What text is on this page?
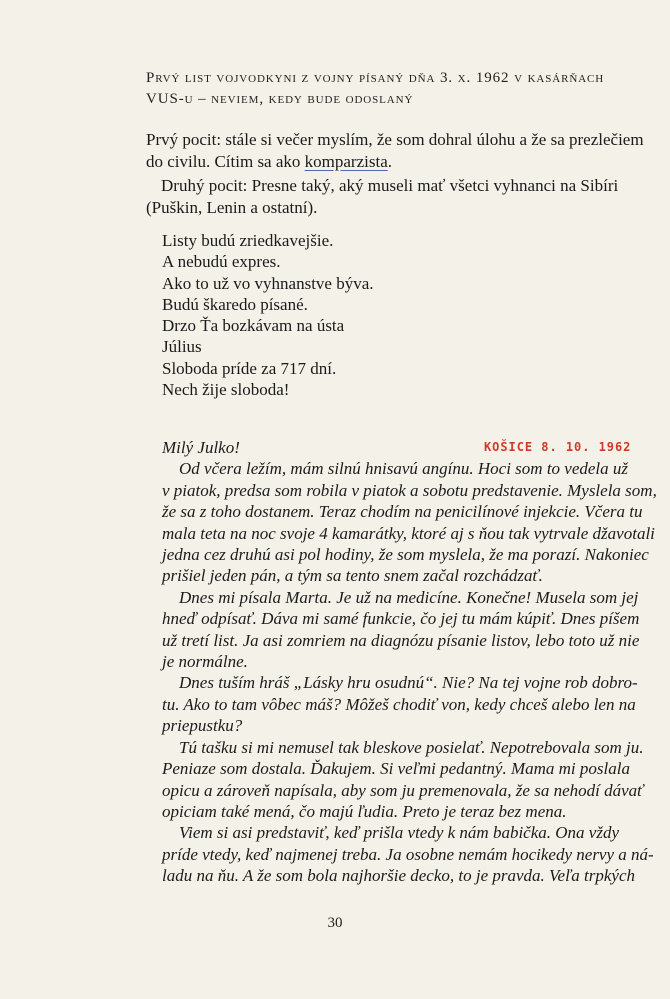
Prvý list vojvodkyni z vojny písaný dňa 3. x. 1962 v kasárňach
VUS-u – neviem, kedy bude odoslaný
Prvý pocit: stále si večer myslím, že som dohral úlohu a že sa prezlečiem
do civilu. Cítim sa ako komparzista.
Druhý pocit: Presne taký, aký museli mať všetci vyhnanci na Sibíri
(Puškin, Lenin a ostatní).
Listy budú zriedkavejšie.
A nebudú expres.
Ako to už vo vyhnanstve býva.
Budú škaredo písané.
Drzo Ťa bozkávam na ústa
Július
Sloboda príde za 717 dní.
Nech žije sloboda!
KOŠICE 8. 10. 1962
Milý Julko!
Od včera ležím, mám silnú hnisavú angínu. Hoci som to vedela už
v piatok, predsa som robila v piatok a sobotu predstavenie. Myslela som,
že sa z toho dostanem. Teraz chodím na penicilínové injekcie. Včera tu
mala teta na noc svoje 4 kamarátky, ktoré aj s ňou tak vytrvale džavotali
jedna cez druhú asi pol hodiny, že som myslela, že ma porazí. Nakoniec
prišiel jeden pán, a tým sa tento snem začal rozchádzať.
Dnes mi písala Marta. Je už na medicíne. Konečne! Musela som jej
hneď odpísať. Dáva mi samé funkcie, čo jej tu mám kúpiť. Dnes píšem
už tretí list. Ja asi zomriem na diagnózu písanie listov, lebo toto už nie
je normálne.
Dnes tuším hráš „Lásky hru osudnú“. Nie? Na tej vojne rob dobro-
tu. Ako to tam vôbec máš? Môžeš chodiť von, kedy chceš alebo len na
priepustku?
Tú tašku si mi nemusel tak bleskove posielať. Nepotrebovala som ju.
Peniaze som dostala. Ďakujem. Si veľmi pedantný. Mama mi poslala
opicu a zároveň napísala, aby som ju premenovala, že sa nehodí dávať
opiciam také mená, čo majú ľudia. Preto je teraz bez mena.
Viem si asi predstaviť, keď prišla vtedy k nám babička. Ona vždy
príde vtedy, keď najmenej treba. Ja osobne nemám hocikedy nervy a ná-
ladu na ňu. A že som bola najhoršie decko, to je pravda. Veľa trpkých
30
